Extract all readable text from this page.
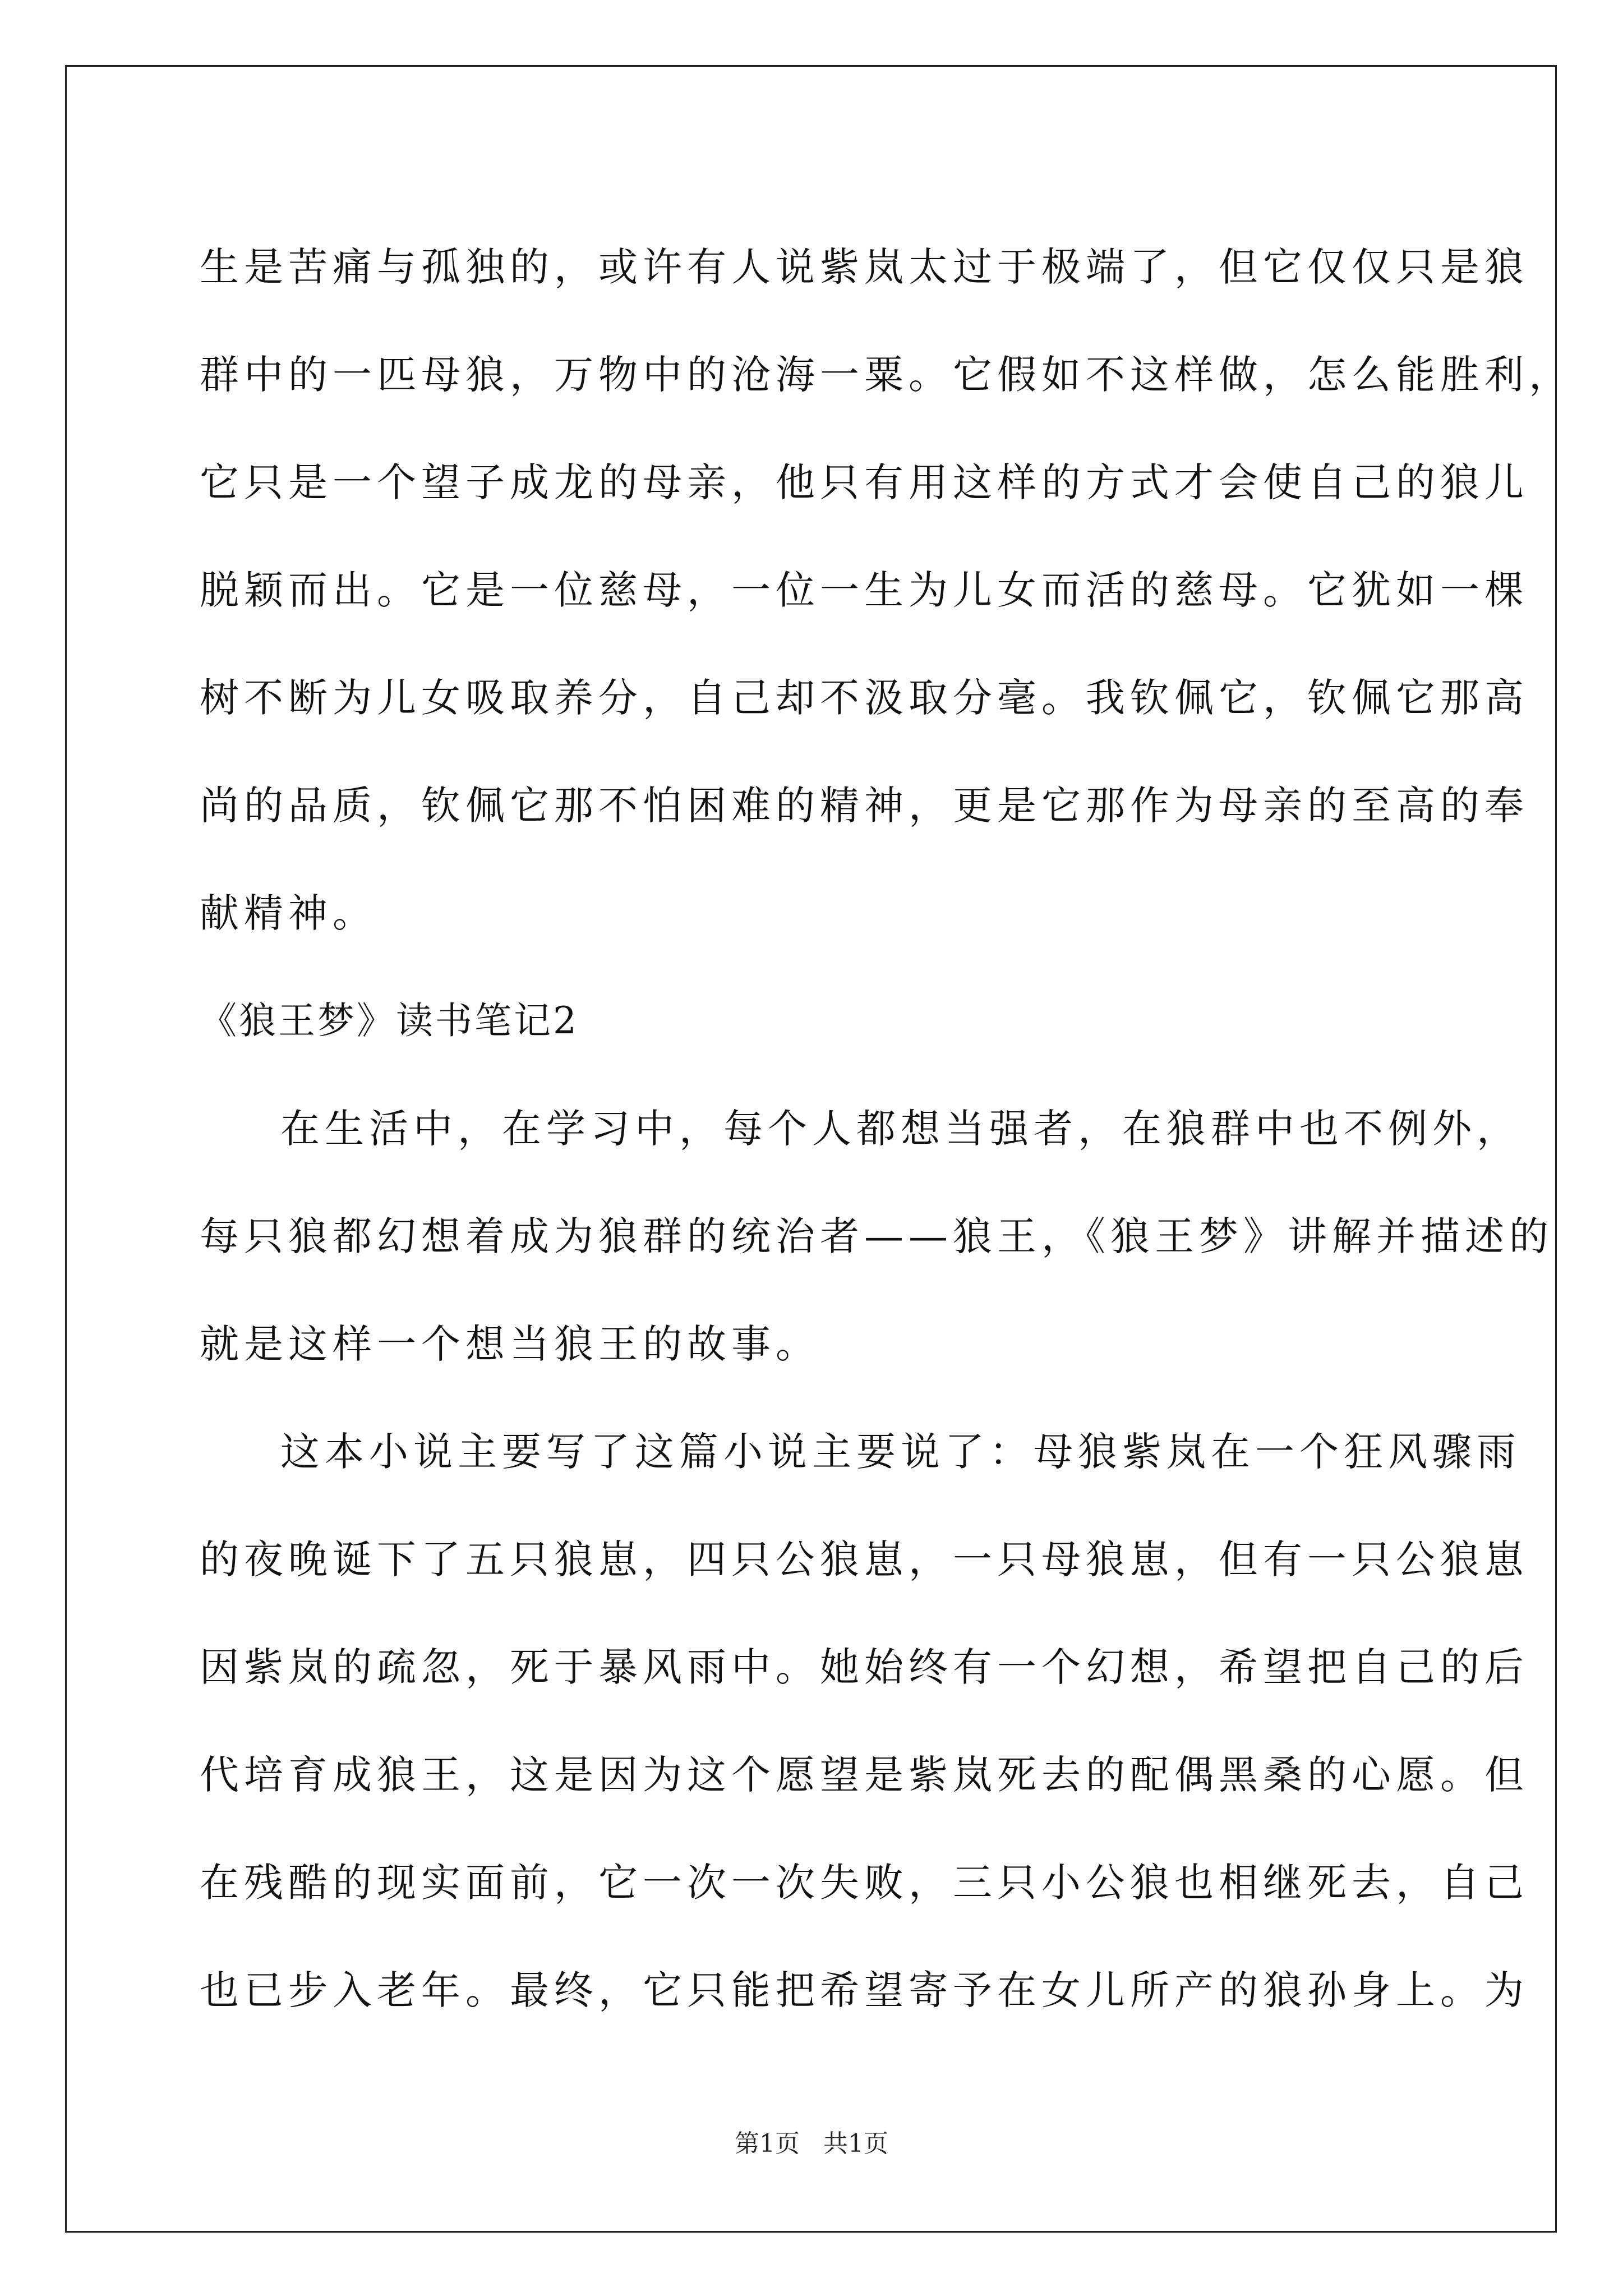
生是苦痛与孤独的，或许有人说紫岚太过于极端了，但它仅仅只是狼
群中的一匹母狼，万物中的沧海一粟。它假如不这样做，怎么能胜利，
它只是一个望子成龙的母亲，他只有用这样的方式才会使自己的狼儿
脱颖而出。它是一位慈母，一位一生为儿女而活的慈母。它犹如一棵
树不断为儿女吸取养分，自己却不汲取分毫。我钦佩它，钦佩它那高
尚的品质，钦佩它那不怕困难的精神，更是它那作为母亲的至高的奉
献精神。
《狼王梦》读书笔记2
在生活中，在学习中，每个人都想当强者，在狼群中也不例外，
每只狼都幻想着成为狼群的统治者——狼王，《狼王梦》讲解并描述的
就是这样一个想当狼王的故事。
这本小说主要写了这篇小说主要说了：母狼紫岚在一个狂风骤雨
的夜晚诞下了五只狼崽，四只公狼崽，一只母狼崽，但有一只公狼崽
因紫岚的疏忽，死于暴风雨中。她始终有一个幻想，希望把自己的后
代培育成狼王，这是因为这个愿望是紫岚死去的配偶黑桑的心愿。但
在残酷的现实面前，它一次一次失败，三只小公狼也相继死去，自己
也已步入老年。最终，它只能把希望寄予在女儿所产的狼孙身上。为
第1页   共1页
